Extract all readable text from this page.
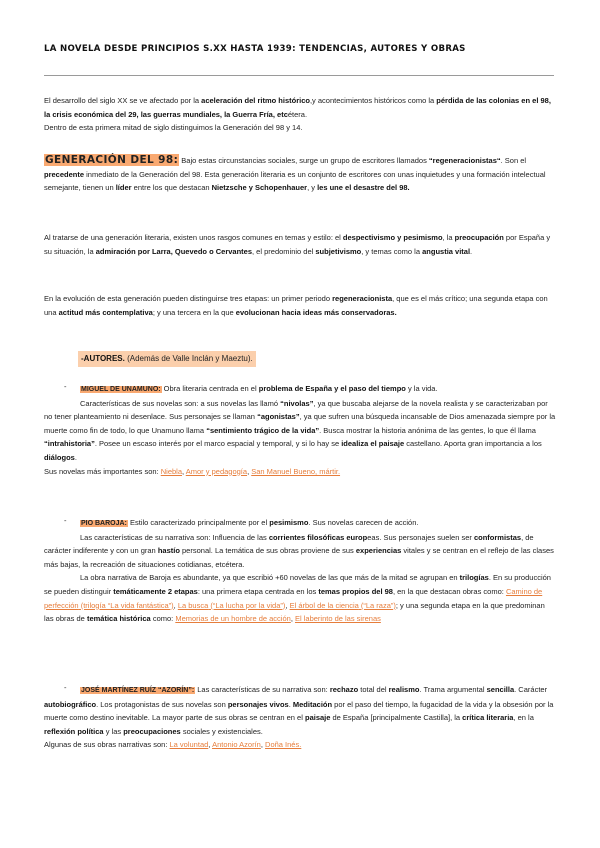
LA NOVELA DESDE PRINCIPIOS S.XX HASTA 1939: TENDENCIAS, AUTORES Y OBRAS
El desarrollo del siglo XX se ve afectado por la aceleración del ritmo histórico,y acontecimientos históricos como la pérdida de las colonias en el 98, la crisis económica del 29, las guerras mundiales, la Guerra Fría, etcétera.
Dentro de esta primera mitad de siglo distinguimos la Generación del 98 y 14.
GENERACIÓN DEL 98: Bajo estas circunstancias sociales, surge un grupo de escritores llamados “regeneracionistas“. Son el precedente inmediato de la Generación del 98. Esta generación literaria es un conjunto de escritores con unas inquietudes y una formación intelectual semejante, tienen un líder entre los que destacan Nietzsche y Schopenhauer, y les une el desastre del 98.
Al tratarse de una generación literaria, existen unos rasgos comunes en temas y estilo: el despectivismo y pesimismo, la preocupación por España y su situación, la admiración por Larra, Quevedo o Cervantes, el predominio del subjetivismo, y temas como la angustia vital.
En la evolución de esta generación pueden distinguirse tres etapas: un primer periodo regeneracionista, que es el más crítico; una segunda etapa con una actitud más contemplativa; y una tercera en la que evolucionan hacia ideas más conservadoras.
-AUTORES. (Además de Valle Inclán y Maeztu).
-	MIGUEL DE UNAMUNO: Obra literaria centrada en el problema de España y el paso del tiempo y la vida.
Características de sus novelas son: a sus novelas las llamó “nivolas”, ya que buscaba alejarse de la novela realista y se caracterizaban por no tener planteamiento ni desenlace. Sus personajes se llaman “agonistas”, ya que sufren una búsqueda incansable de Dios amenazada siempre por la muerte como fin de todo, lo que Unamuno llama “sentimiento trágico de la vida”. Busca mostrar la historia anónima de las gentes, lo que él llama “intrahistoria”. Posee un escaso interés por el marco espacial y temporal, y si lo hay se idealiza el paisaje castellano. Aporta gran importancia a los diálogos.
Sus novelas más importantes son: Niebla, Amor y pedagogía, San Manuel Bueno, mártir.
-	PIO BAROJA: Estilo caracterizado principalmente por el pesimismo. Sus novelas carecen de acción.
Las características de su narrativa son: Influencia de las corrientes filosóficas europeas. Sus personajes suelen ser conformistas, de carácter indiferente y con un gran hastío personal. La temática de sus obras proviene de sus experiencias vitales y se centran en el reflejo de las clases más bajas, la recreación de situaciones cotidianas, etcétera.
La obra narrativa de Baroja es abundante, ya que escribió +60 novelas de las que más de la mitad se agrupan en trilogías. En su producción se pueden distinguir temáticamente 2 etapas: una primera etapa centrada en los temas propios del 98, en la que destacan obras como: Camino de perfección (trilogía “La vida fantástica”), La busca (“La lucha por la vida”), El árbol de la ciencia (“La raza”); y una segunda etapa en la que predominan las obras de temática histórica como: Memorias de un hombre de acción, El laberinto de las sirenas
-	JOSÉ MARTÍNEZ RUÍZ “AZORÍN”: Las características de su narrativa son: rechazo total del realismo. Trama argumental sencilla. Carácter autobiográfico. Los protagonistas de sus novelas son personajes vivos. Meditación por el paso del tiempo, la fugacidad de la vida y la obsesión por la muerte como destino inevitable. La mayor parte de sus obras se centran en el paisaje de España [principalmente Castilla], la crítica literaria, en la reflexión política y las preocupaciones sociales y existenciales.
Algunas de sus obras narrativas son: La voluntad, Antonio Azorín, Doña Inés.
